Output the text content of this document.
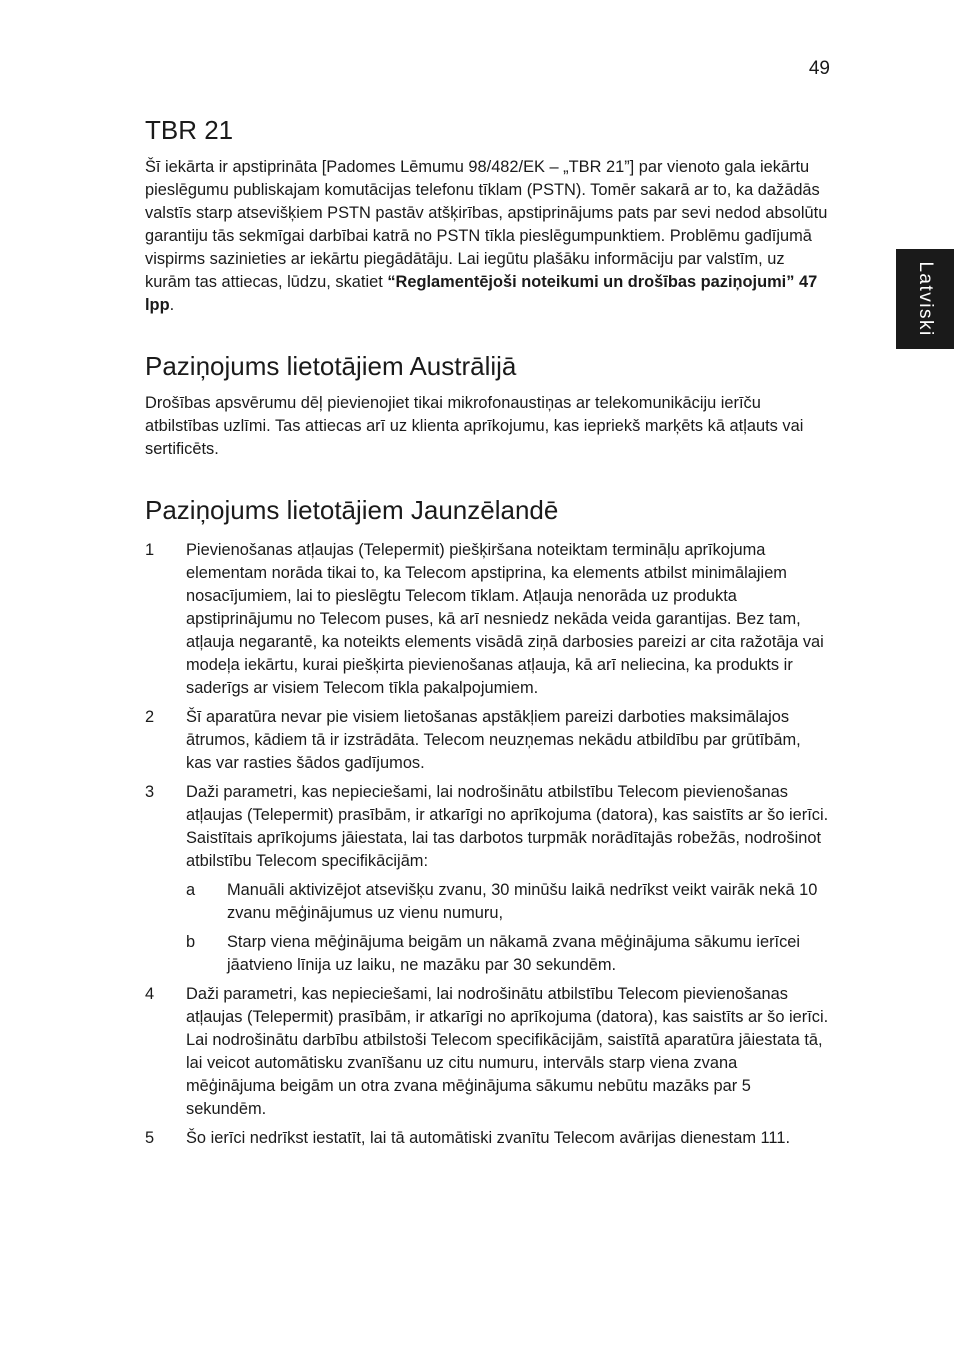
49
Latviski
TBR 21

Šī iekārta ir apstiprināta [Padomes Lēmumu 98/482/EK – „TBR 21”] par vienoto gala iekārtu pieslēgumu publiskajam komutācijas telefonu tīklam (PSTN). Tomēr sakarā ar to, ka dažādās valstīs starp atsevišķiem PSTN pastāv atšķirības, apstiprinājums pats par sevi nedod absolūtu garantiju tās sekmīgai darbībai katrā no PSTN tīkla pieslēgumpunktiem. Problēmu gadījumā vispirms sazinieties ar iekārtu piegādātāju. Lai iegūtu plašāku informāciju par valstīm, uz kurām tas attiecas, lūdzu, skatiet “Reglamentējoši noteikumi un drošības paziņojumi” 47 lpp.

Paziņojums lietotājiem Austrālijā

Drošības apsvērumu dēļ pievienojiet tikai mikrofonaustiņas ar telekomunikāciju ierīču atbilstības uzlīmi. Tas attiecas arī uz klienta aprīkojumu, kas iepriekš marķēts kā atļauts vai sertificēts.

Paziņojums lietotājiem Jaunzēlandē
1 Pievienošanas atļaujas (Telepermit) piešķiršana noteiktam termināļu aprīkojuma elementam norāda tikai to, ka Telecom apstiprina, ka elements atbilst minimālajiem nosacījumiem, lai to pieslēgtu Telecom tīklam. Atļauja nenorāda uz produkta apstiprinājumu no Telecom puses, kā arī nesniedz nekāda veida garantijas. Bez tam, atļauja negarantē, ka noteikts elements visādā ziņā darbosies pareizi ar cita ražotāja vai modeļa iekārtu, kurai piešķirta pievienošanas atļauja, kā arī neliecina, ka produkts ir saderīgs ar visiem Telecom tīkla pakalpojumiem.
2 Šī aparatūra nevar pie visiem lietošanas apstākļiem pareizi darboties maksimālajos ātrumos, kādiem tā ir izstrādāta. Telecom neuzņemas nekādu atbildību par grūtībām, kas var rasties šādos gadījumos.
3 Daži parametri, kas nepieciešami, lai nodrošinātu atbilstību Telecom pievienošanas atļaujas (Telepermit) prasībām, ir atkarīgi no aprīkojuma (datora), kas saistīts ar šo ierīci. Saistītais aprīkojums jāiestata, lai tas darbotos turpmāk norādītajās robežās, nodrošinot atbilstību Telecom specifikācijām:
a Manuāli aktivizējot atsevišķu zvanu, 30 minūšu laikā nedrīkst veikt vairāk nekā 10 zvanu mēģinājumus uz vienu numuru,
b Starp viena mēģinājuma beigām un nākamā zvana mēģinājuma sākumu ierīcei jāatvieno līnija uz laiku, ne mazāku par 30 sekundēm.
4 Daži parametri, kas nepieciešami, lai nodrošinātu atbilstību Telecom pievienošanas atļaujas (Telepermit) prasībām, ir atkarīgi no aprīkojuma (datora), kas saistīts ar šo ierīci. Lai nodrošinātu darbību atbilstoši Telecom specifikācijām, saistītā aparatūra jāiestata tā, lai veicot automātisku zvanīšanu uz citu numuru, intervāls starp viena zvana mēģinājuma beigām un otra zvana mēģinājuma sākumu nebūtu mazāks par 5 sekundēm.
5 Šo ierīci nedrīkst iestatīt, lai tā automātiski zvanītu Telecom avārijas dienestam 111.
